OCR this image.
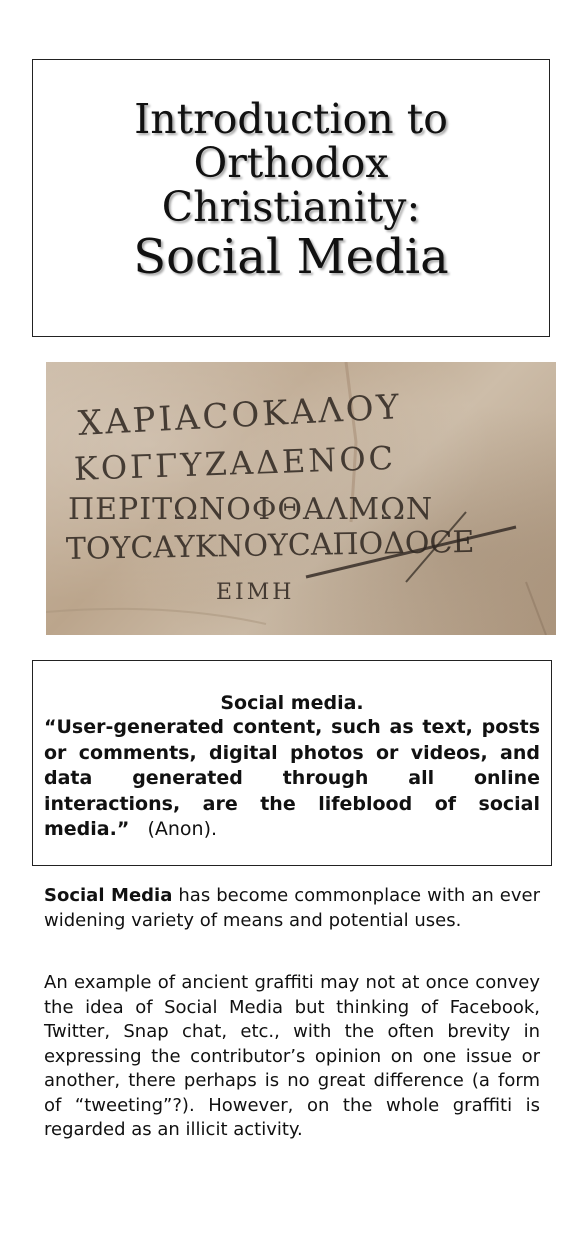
Introduction to
Orthodox
Christianity:
Social Media
ΧΑΡΙΑCΟΚΑΛΟΥ
ΚΟΓΓΥΖΑΔΕΝΟC
ΠΕΡΙΤΩΝΟΦΘΑΛΜΩΝ
ΤΟΥCΑΥΚΝΟΥCΑΠΟΔΟCΕ
ΕΙΜΗ
Social media.
“User-generated content, such as text, posts or comments, digital photos or videos, and data generated through all online interactions, are the lifeblood of social media.” (Anon).

Social Media has become commonplace with an ever widening variety of means and potential uses.

An example of ancient graffiti may not at once convey the idea of Social Media but thinking of Facebook, Twitter, Snap chat, etc., with the often brevity in expressing the contributor’s opinion on one issue or another, there perhaps is no great difference (a form of “tweeting”?). However, on the whole graffiti is regarded as an illicit activity.
